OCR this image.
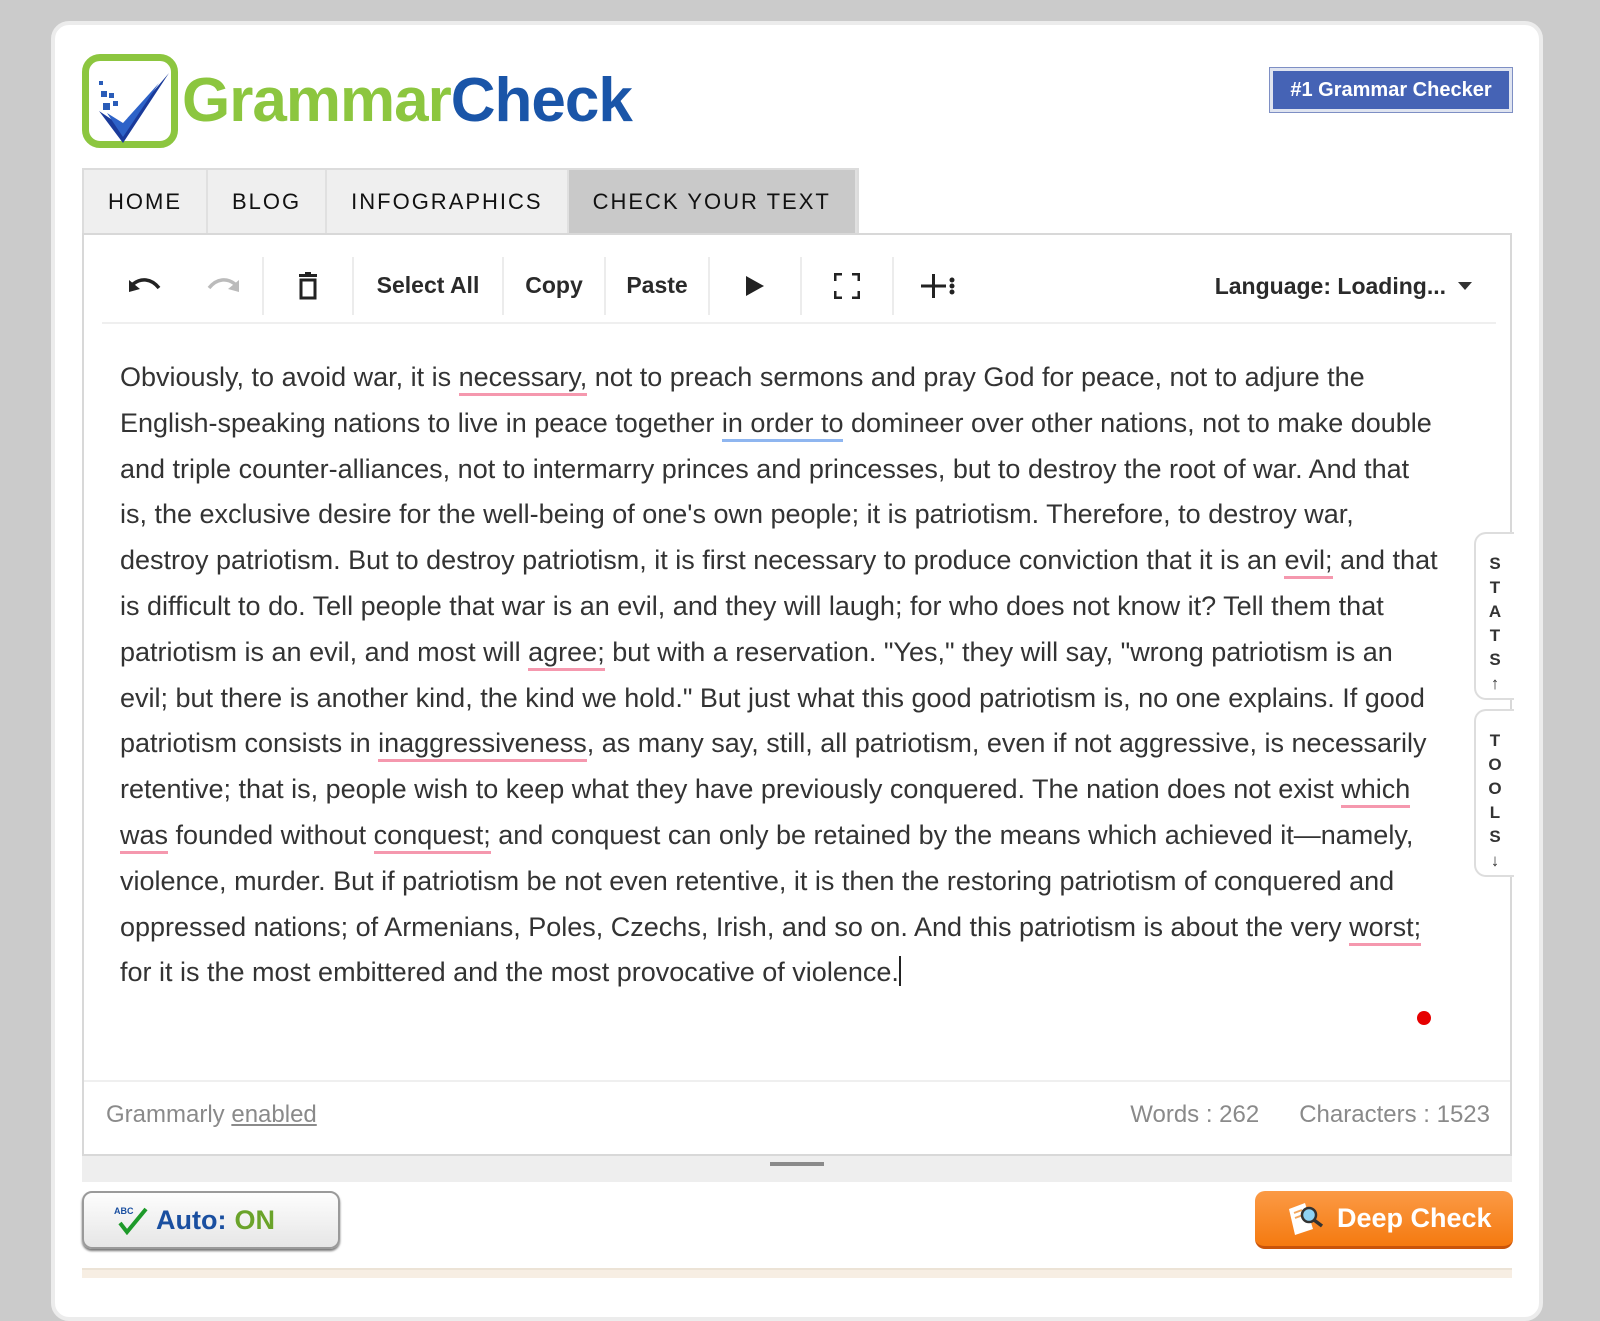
GrammarCheck	#1 Grammar Checker
HOME	BLOG	INFOGRAPHICS	CHECK YOUR TEXT
Select All	Copy	Paste	Language: Loading...
Obviously, to avoid war, it is necessary, not to preach sermons and pray God for peace, not to adjure the English-speaking nations to live in peace together in order to domineer over other nations, not to make double and triple counter-alliances, not to intermarry princes and princesses, but to destroy the root of war. And that is, the exclusive desire for the well-being of one's own people; it is patriotism. Therefore, to destroy war, destroy patriotism. But to destroy patriotism, it is first necessary to produce conviction that it is an evil; and that is difficult to do. Tell people that war is an evil, and they will laugh; for who does not know it? Tell them that patriotism is an evil, and most will agree; but with a reservation. "Yes," they will say, "wrong patriotism is an evil; but there is another kind, the kind we hold." But just what this good patriotism is, no one explains. If good patriotism consists in inaggressiveness, as many say, still, all patriotism, even if not aggressive, is necessarily retentive; that is, people wish to keep what they have previously conquered. The nation does not exist which was founded without conquest; and conquest can only be retained by the means which achieved it—namely, violence, murder. But if patriotism be not even retentive, it is then the restoring patriotism of conquered and oppressed nations; of Armenians, Poles, Czechs, Irish, and so on. And this patriotism is about the very worst; for it is the most embittered and the most provocative of violence.
S
T
A
T
S
↑
T
O
O
L
S
↓
Grammarly enabled	Words : 262 Characters : 1523
ABC Auto: ON	Deep Check
